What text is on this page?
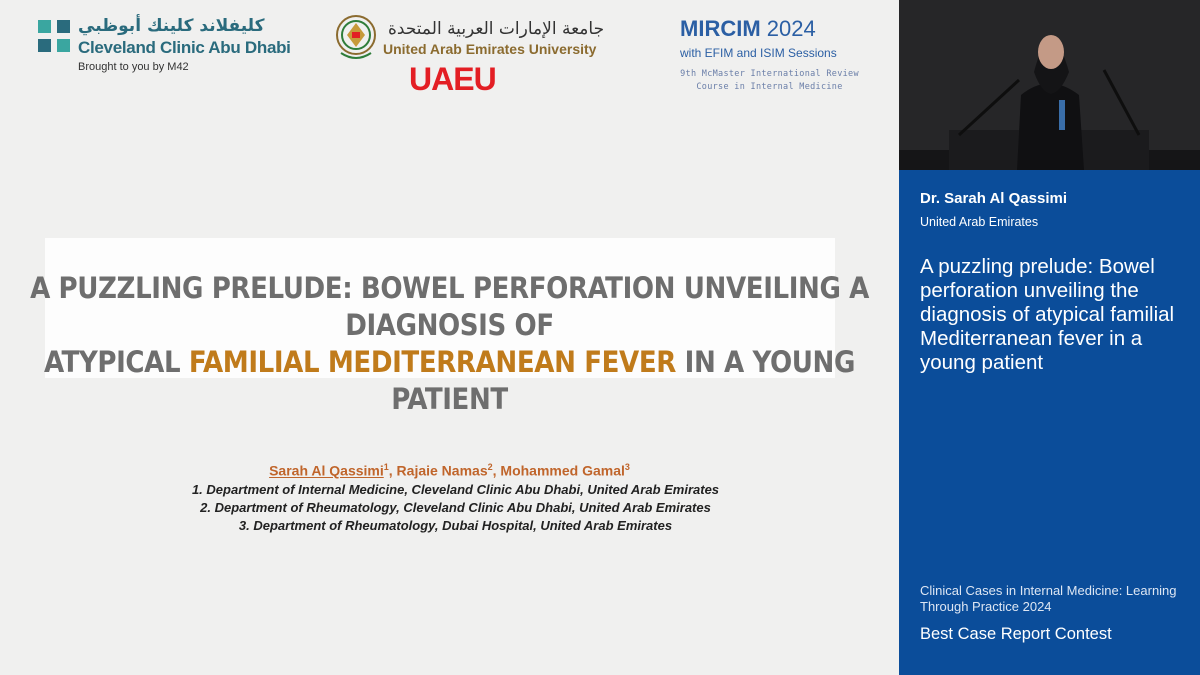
كليفلاند كلينك أبوظبي
Cleveland Clinic Abu Dhabi
Brought to you by M42
جامعة الإمارات العربية المتحدة
United Arab Emirates University
UAEU
MIRCIM 2024
with EFIM and ISIM Sessions
9th McMaster International Review
Course in Internal Medicine
A PUZZLING PRELUDE: BOWEL PERFORATION UNVEILING A DIAGNOSIS OF
ATYPICAL FAMILIAL MEDITERRANEAN FEVER IN A YOUNG PATIENT
Sarah Al Qassimi$^1$, Rajaie Namas$^2$, Mohammed Gamal$^3$
1. Department of Internal Medicine, Cleveland Clinic Abu Dhabi, United Arab Emirates
2. Department of Rheumatology, Cleveland Clinic Abu Dhabi, United Arab Emirates
3. Department of Rheumatology, Dubai Hospital, United Arab Emirates
Dr. Sarah Al Qassimi
United Arab Emirates
A puzzling prelude: Bowel perforation unveiling the diagnosis of atypical familial Mediterranean fever in a young patient
Clinical Cases in Internal Medicine: Learning Through Practice 2024
Best Case Report Contest
